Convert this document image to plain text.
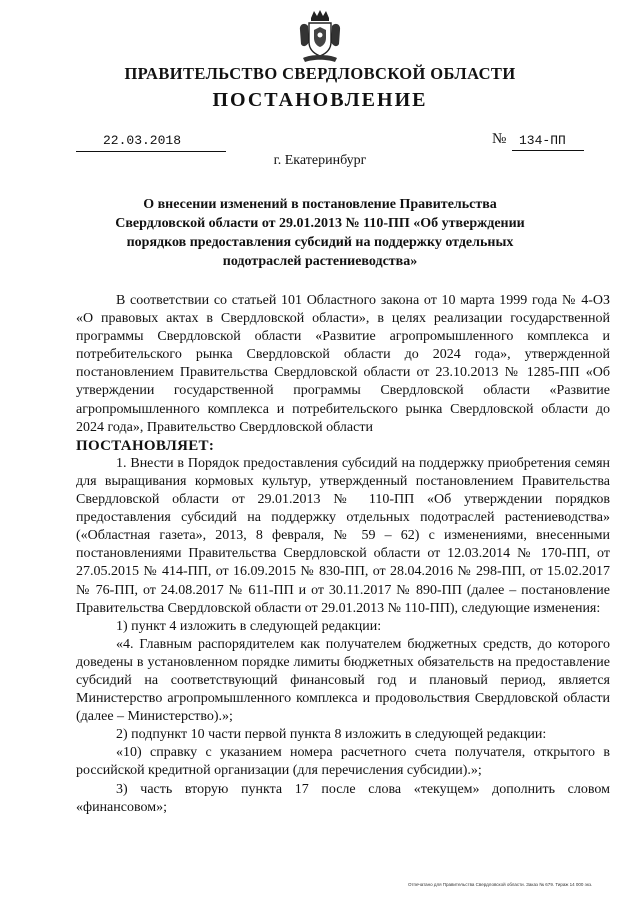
ПРАВИТЕЛЬСТВО СВЕРДЛОВСКОЙ ОБЛАСТИ
ПОСТАНОВЛЕНИЕ
22.03.2018	№ 134-ПП
г. Екатеринбург
О внесении изменений в постановление Правительства Свердловской области от 29.01.2013 № 110-ПП «Об утверждении порядков предоставления субсидий на поддержку отдельных подотраслей растениеводства»

В соответствии со статьей 101 Областного закона от 10 марта 1999 года № 4-ОЗ «О правовых актах в Свердловской области», в целях реализации государственной программы Свердловской области «Развитие агропромышленного комплекса и потребительского рынка Свердловской области до 2024 года», утвержденной постановлением Правительства Свердловской области от 23.10.2013 № 1285-ПП «Об утверждении государственной программы Свердловской области «Развитие агропромышленного комплекса и потребительского рынка Свердловской области до 2024 года», Правительство Свердловской области

ПОСТАНОВЛЯЕТ:

1. Внести в Порядок предоставления субсидий на поддержку приобретения семян для выращивания кормовых культур, утвержденный постановлением Правительства Свердловской области от 29.01.2013 № 110-ПП «Об утверждении порядков предоставления субсидий на поддержку отдельных подотраслей растениеводства» («Областная газета», 2013, 8 февраля, № 59 – 62) с изменениями, внесенными постановлениями Правительства Свердловской области от 12.03.2014 № 170-ПП, от 27.05.2015 № 414-ПП, от 16.09.2015 № 830-ПП, от 28.04.2016 № 298-ПП, от 15.02.2017 № 76-ПП, от 24.08.2017 № 611-ПП и от 30.11.2017 № 890-ПП (далее – постановление Правительства Свердловской области от 29.01.2013 № 110-ПП), следующие изменения:

1) пункт 4 изложить в следующей редакции:

«4. Главным распорядителем как получателем бюджетных средств, до которого доведены в установленном порядке лимиты бюджетных обязательств на предоставление субсидий на соответствующий финансовый год и плановый период, является Министерство агропромышленного комплекса и продовольствия Свердловской области (далее – Министерство).»;

2) подпункт 10 части первой пункта 8 изложить в следующей редакции:

«10) справку с указанием номера расчетного счета получателя, открытого в российской кредитной организации (для перечисления субсидии).»;

3) часть вторую пункта 17 после слова «текущем» дополнить словом «финансовом»;

Отпечатано для Правительства Свердловской области. Заказ № 679. Тираж 14 000 экз.
